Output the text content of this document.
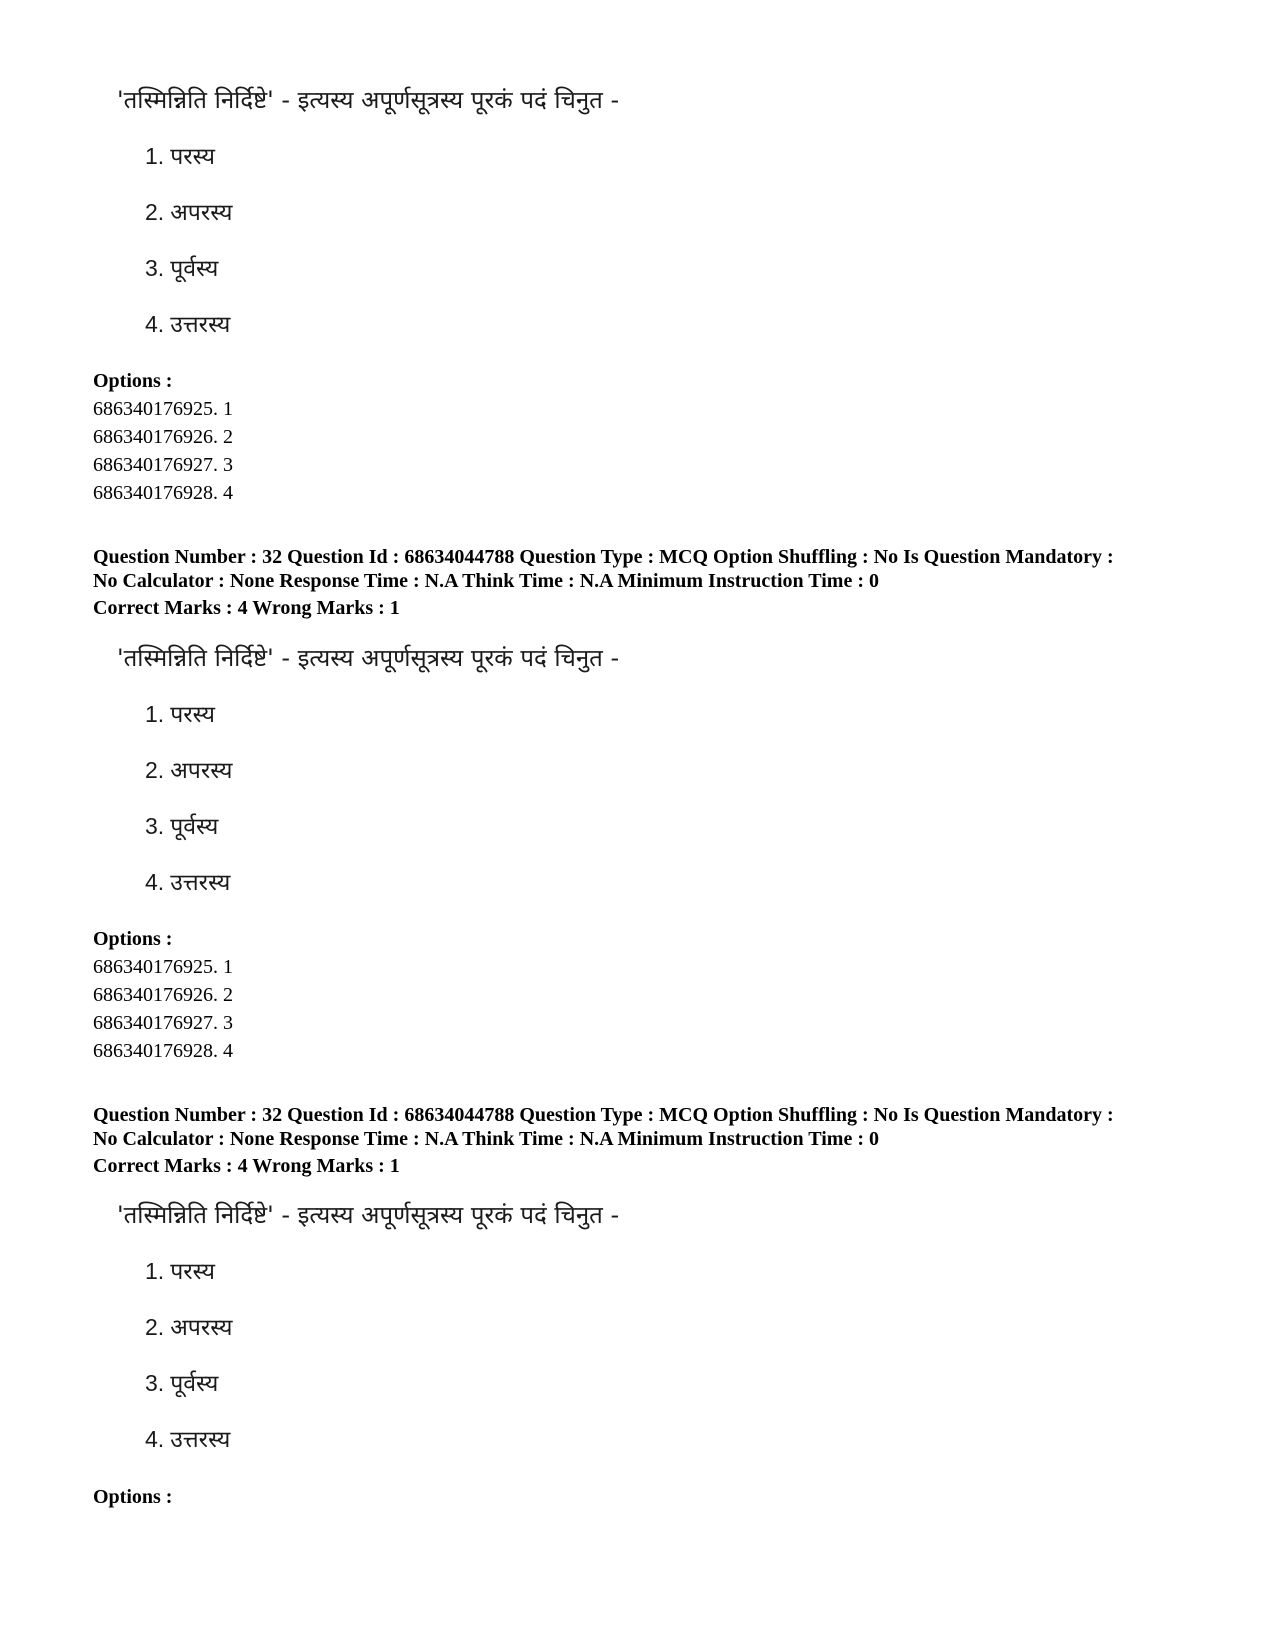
'तस्मिन्निति निर्दिष्टे' - इत्यस्य अपूर्णसूत्रस्य पूरकं पदं चिनुत -
1. परस्य
2. अपरस्य
3. पूर्वस्य
4. उत्तरस्य
Options :
686340176925. 1
686340176926. 2
686340176927. 3
686340176928. 4
Question Number : 32 Question Id : 68634044788 Question Type : MCQ Option Shuffling : No Is Question Mandatory :
No Calculator : None Response Time : N.A Think Time : N.A Minimum Instruction Time : 0
Correct Marks : 4 Wrong Marks : 1
'तस्मिन्निति निर्दिष्टे' - इत्यस्य अपूर्णसूत्रस्य पूरकं पदं चिनुत -
1. परस्य
2. अपरस्य
3. पूर्वस्य
4. उत्तरस्य
Options :
686340176925. 1
686340176926. 2
686340176927. 3
686340176928. 4
Question Number : 32 Question Id : 68634044788 Question Type : MCQ Option Shuffling : No Is Question Mandatory :
No Calculator : None Response Time : N.A Think Time : N.A Minimum Instruction Time : 0
Correct Marks : 4 Wrong Marks : 1
'तस्मिन्निति निर्दिष्टे' - इत्यस्य अपूर्णसूत्रस्य पूरकं पदं चिनुत -
1. परस्य
2. अपरस्य
3. पूर्वस्य
4. उत्तरस्य
Options :
